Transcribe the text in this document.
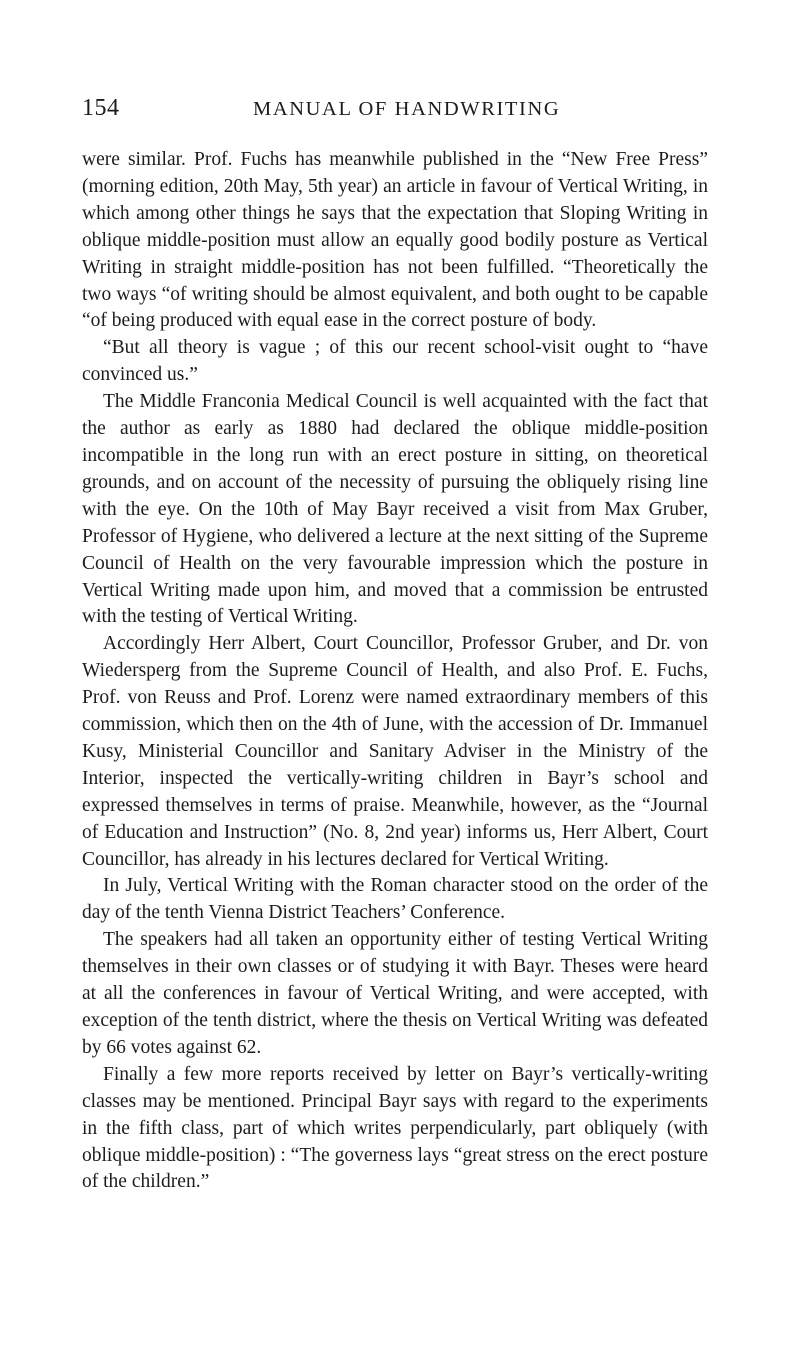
154	MANUAL OF HANDWRITING

were similar. Prof. Fuchs has meanwhile published in the “New Free Press” (morning edition, 20th May, 5th year) an article in favour of Vertical Writing, in which among other things he says that the expectation that Sloping Writing in oblique middle-position must allow an equally good bodily posture as Vertical Writing in straight middle-position has not been fulfilled. “Theoretically the two ways “of writing should be almost equivalent, and both ought to be capable “of being produced with equal ease in the correct posture of body.

“But all theory is vague ; of this our recent school-visit ought to “have convinced us.”

The Middle Franconia Medical Council is well acquainted with the fact that the author as early as 1880 had declared the oblique middle-position incompatible in the long run with an erect posture in sitting, on theoretical grounds, and on account of the necessity of pursuing the obliquely rising line with the eye. On the 10th of May Bayr received a visit from Max Gruber, Professor of Hygiene, who delivered a lecture at the next sitting of the Supreme Council of Health on the very favourable impression which the posture in Vertical Writing made upon him, and moved that a commission be entrusted with the testing of Vertical Writing.

Accordingly Herr Albert, Court Councillor, Professor Gruber, and Dr. von Wiedersperg from the Supreme Council of Health, and also Prof. E. Fuchs, Prof. von Reuss and Prof. Lorenz were named extraordinary members of this commission, which then on the 4th of June, with the accession of Dr. Immanuel Kusy, Ministerial Councillor and Sanitary Adviser in the Ministry of the Interior, inspected the vertically-writing children in Bayr’s school and expressed themselves in terms of praise. Meanwhile, however, as the “Journal of Education and Instruction” (No. 8, 2nd year) informs us, Herr Albert, Court Councillor, has already in his lectures declared for Vertical Writing.

In July, Vertical Writing with the Roman character stood on the order of the day of the tenth Vienna District Teachers’ Conference.

The speakers had all taken an opportunity either of testing Vertical Writing themselves in their own classes or of studying it with Bayr. Theses were heard at all the conferences in favour of Vertical Writing, and were accepted, with exception of the tenth district, where the thesis on Vertical Writing was defeated by 66 votes against 62.

Finally a few more reports received by letter on Bayr’s vertically-writing classes may be mentioned. Principal Bayr says with regard to the experiments in the fifth class, part of which writes perpendicularly, part obliquely (with oblique middle-position) : “The governess lays “great stress on the erect posture of the children.”
